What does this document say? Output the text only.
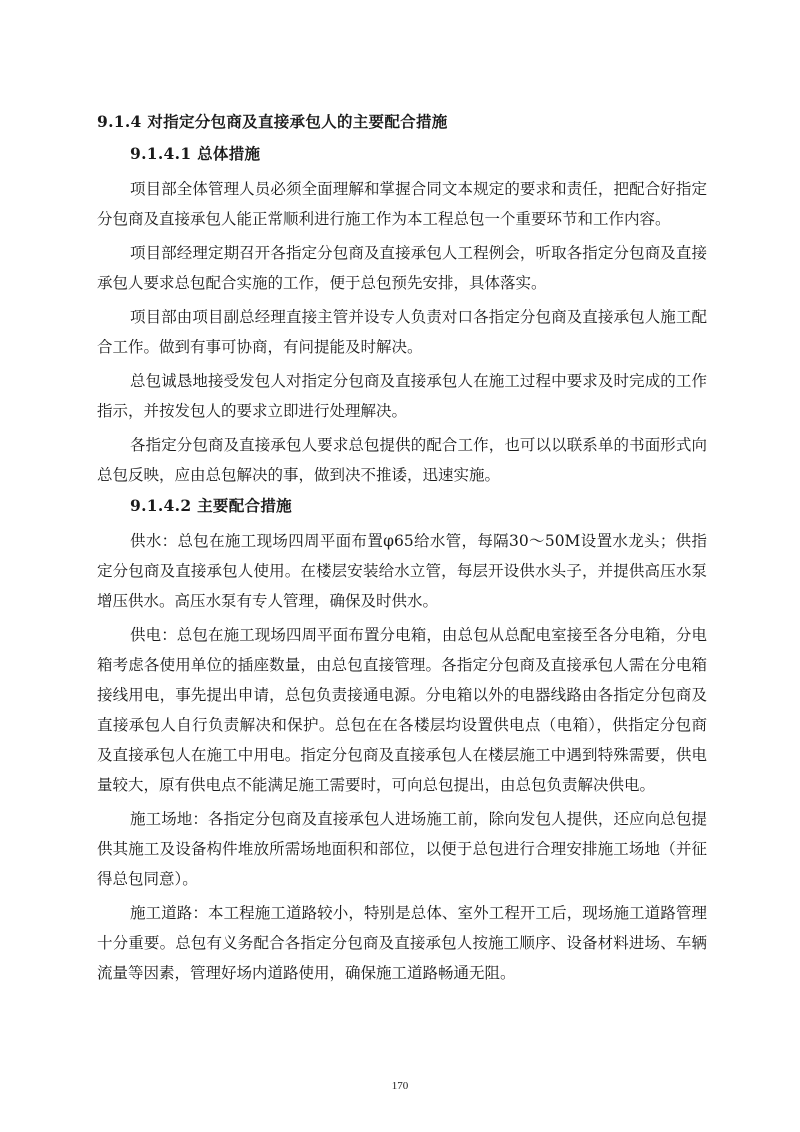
9.1.4 对指定分包商及直接承包人的主要配合措施
9.1.4.1 总体措施
项目部全体管理人员必须全面理解和掌握合同文本规定的要求和责任，把配合好指定分包商及直接承包人能正常顺利进行施工作为本工程总包一个重要环节和工作内容。
项目部经理定期召开各指定分包商及直接承包人工程例会，听取各指定分包商及直接承包人要求总包配合实施的工作，便于总包预先安排，具体落实。
项目部由项目副总经理直接主管并设专人负责对口各指定分包商及直接承包人施工配合工作。做到有事可协商，有问提能及时解决。
总包诚恳地接受发包人对指定分包商及直接承包人在施工过程中要求及时完成的工作指示，并按发包人的要求立即进行处理解决。
各指定分包商及直接承包人要求总包提供的配合工作，也可以以联系单的书面形式向总包反映，应由总包解决的事，做到决不推诿，迅速实施。
9.1.4.2 主要配合措施
供水：总包在施工现场四周平面布置φ65给水管，每隔30～50M设置水龙头；供指定分包商及直接承包人使用。在楼层安装给水立管，每层开设供水头子，并提供高压水泵增压供水。高压水泵有专人管理，确保及时供水。
供电：总包在施工现场四周平面布置分电箱，由总包从总配电室接至各分电箱，分电箱考虑各使用单位的插座数量，由总包直接管理。各指定分包商及直接承包人需在分电箱接线用电，事先提出申请，总包负责接通电源。分电箱以外的电器线路由各指定分包商及直接承包人自行负责解决和保护。总包在在各楼层均设置供电点（电箱），供指定分包商及直接承包人在施工中用电。指定分包商及直接承包人在楼层施工中遇到特殊需要，供电量较大，原有供电点不能满足施工需要时，可向总包提出，由总包负责解决供电。
施工场地：各指定分包商及直接承包人进场施工前，除向发包人提供，还应向总包提供其施工及设备构件堆放所需场地面积和部位，以便于总包进行合理安排施工场地（并征得总包同意）。
施工道路：本工程施工道路较小，特别是总体、室外工程开工后，现场施工道路管理十分重要。总包有义务配合各指定分包商及直接承包人按施工顺序、设备材料进场、车辆流量等因素，管理好场内道路使用，确保施工道路畅通无阻。
170
